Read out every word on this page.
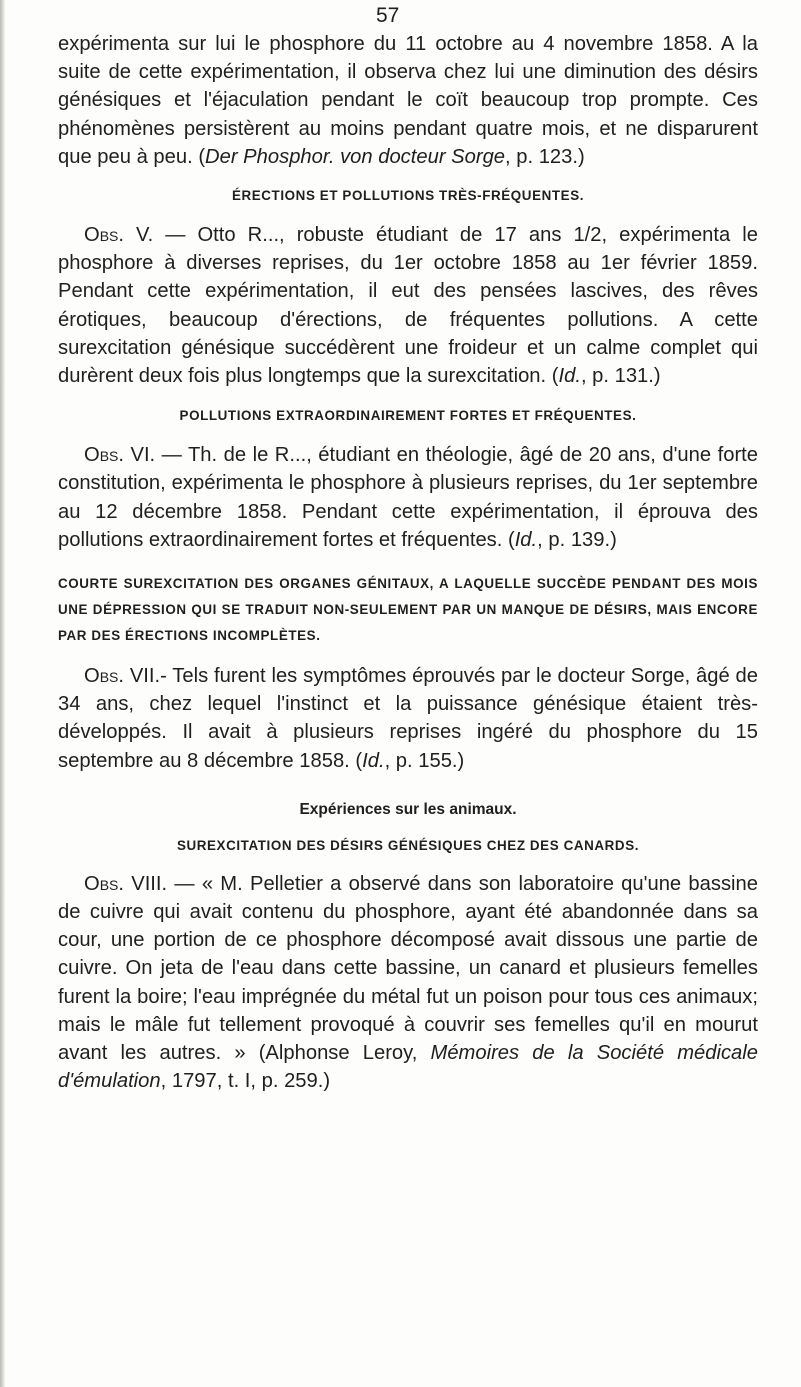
57

expérimenta sur lui le phosphore du 11 octobre au 4 novembre 1858. A la suite de cette expérimentation, il observa chez lui une diminution des désirs génésiques et l'éjaculation pendant le coït beaucoup trop prompte. Ces phénomènes persistèrent au moins pendant quatre mois, et ne disparurent que peu à peu. (Der Phosphor. von docteur Sorge, p. 123.)

ÉRECTIONS ET POLLUTIONS TRÈS-FRÉQUENTES.

Obs. V. — Otto R..., robuste étudiant de 17 ans 1/2, expérimenta le phosphore à diverses reprises, du 1er octobre 1858 au 1er février 1859. Pendant cette expérimentation, il eut des pensées lascives, des rêves érotiques, beaucoup d'érections, de fréquentes pollutions. A cette surexcitation génésique succédèrent une froideur et un calme complet qui durèrent deux fois plus longtemps que la surexcitation. (Id., p. 131.)

POLLUTIONS EXTRAORDINAIREMENT FORTES ET FRÉQUENTES.

Obs. VI. — Th. de le R..., étudiant en théologie, âgé de 20 ans, d'une forte constitution, expérimenta le phosphore à plusieurs reprises, du 1er septembre au 12 décembre 1858. Pendant cette expérimentation, il éprouva des pollutions extraordinairement fortes et fréquentes. (Id., p. 139.)

COURTE SUREXCITATION DES ORGANES GÉNITAUX, A LAQUELLE SUCCÈDE PENDANT DES MOIS UNE DÉPRESSION QUI SE TRADUIT NON-SEULEMENT PAR UN MANQUE DE DÉSIRS, MAIS ENCORE PAR DES ÉRECTIONS INCOMPLÈTES.

Obs. VII.- Tels furent les symptômes éprouvés par le docteur Sorge, âgé de 34 ans, chez lequel l'instinct et la puissance génésique étaient très-développés. Il avait à plusieurs reprises ingéré du phosphore du 15 septembre au 8 décembre 1858. (Id., p. 155.)

Expériences sur les animaux.
SUREXCITATION DES DÉSIRS GÉNÉSIQUES CHEZ DES CANARDS.

Obs. VIII. — « M. Pelletier a observé dans son laboratoire qu'une bassine de cuivre qui avait contenu du phosphore, ayant été abandonnée dans sa cour, une portion de ce phosphore décomposé avait dissous une partie de cuivre. On jeta de l'eau dans cette bassine, un canard et plusieurs femelles furent la boire; l'eau imprégnée du métal fut un poison pour tous ces animaux; mais le mâle fut tellement provoqué à couvrir ses femelles qu'il en mourut avant les autres. » (Alphonse Leroy, Mémoires de la Société médicale d'émulation, 1797, t. I, p. 259.)
